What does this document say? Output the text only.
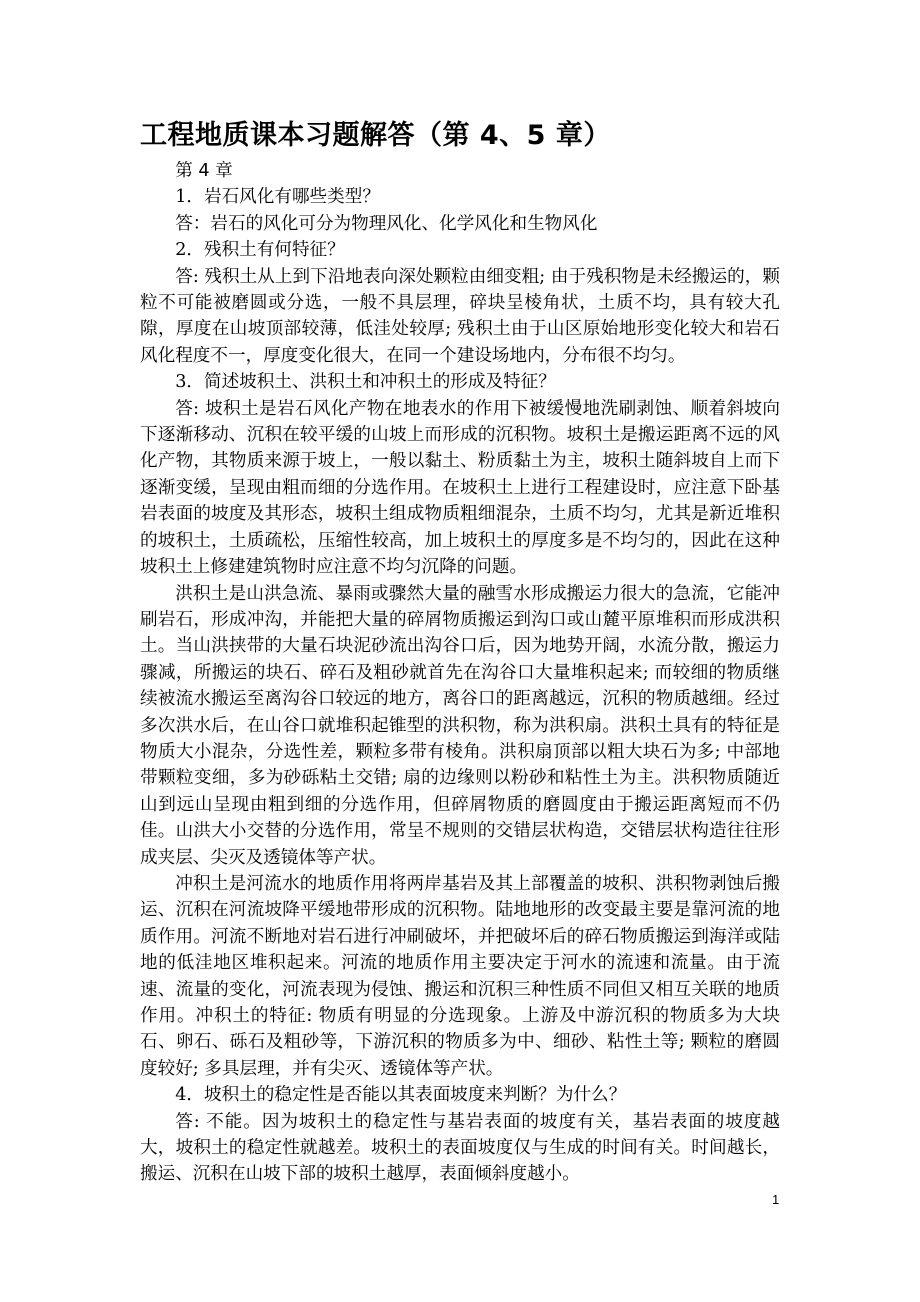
工程地质课本习题解答（第 4、5 章）

第 4 章

1．岩石风化有哪些类型？

答：岩石的风化可分为物理风化、化学风化和生物风化

2．残积土有何特征？

答: 残积土从上到下沿地表向深处颗粒由细变粗; 由于残积物是未经搬运的，颗粒不可能被磨圆或分选，一般不具层理，碎块呈棱角状，土质不均，具有较大孔隙，厚度在山坡顶部较薄，低洼处较厚; 残积土由于山区原始地形变化较大和岩石风化程度不一，厚度变化很大，在同一个建设场地内，分布很不均匀。

3．简述坡积土、洪积土和冲积土的形成及特征？

答: 坡积土是岩石风化产物在地表水的作用下被缓慢地洗刷剥蚀、顺着斜坡向下逐渐移动、沉积在较平缓的山坡上而形成的沉积物。坡积土是搬运距离不远的风化产物，其物质来源于坡上，一般以黏土、粉质黏土为主，坡积土随斜坡自上而下逐渐变缓，呈现由粗而细的分选作用。在坡积土上进行工程建设时，应注意下卧基岩表面的坡度及其形态，坡积土组成物质粗细混杂，土质不均匀，尤其是新近堆积的坡积土，土质疏松，压缩性较高，加上坡积土的厚度多是不均匀的，因此在这种坡积土上修建建筑物时应注意不均匀沉降的问题。

洪积土是山洪急流、暴雨或骤然大量的融雪水形成搬运力很大的急流，它能冲刷岩石，形成冲沟，并能把大量的碎屑物质搬运到沟口或山麓平原堆积而形成洪积土。当山洪挟带的大量石块泥砂流出沟谷口后，因为地势开阔，水流分散，搬运力骤减，所搬运的块石、碎石及粗砂就首先在沟谷口大量堆积起来; 而较细的物质继续被流水搬运至离沟谷口较远的地方，离谷口的距离越远，沉积的物质越细。经过多次洪水后，在山谷口就堆积起锥型的洪积物，称为洪积扇。洪积土具有的特征是物质大小混杂，分选性差，颗粒多带有棱角。洪积扇顶部以粗大块石为多; 中部地带颗粒变细，多为砂砾粘土交错; 扇的边缘则以粉砂和粘性土为主。洪积物质随近山到远山呈现由粗到细的分选作用，但碎屑物质的磨圆度由于搬运距离短而不仍佳。山洪大小交替的分选作用，常呈不规则的交错层状构造，交错层状构造往往形成夹层、尖灭及透镜体等产状。

冲积土是河流水的地质作用将两岸基岩及其上部覆盖的坡积、洪积物剥蚀后搬运、沉积在河流坡降平缓地带形成的沉积物。陆地地形的改变最主要是靠河流的地质作用。河流不断地对岩石进行冲刷破坏，并把破坏后的碎石物质搬运到海洋或陆地的低洼地区堆积起来。河流的地质作用主要决定于河水的流速和流量。由于流速、流量的变化，河流表现为侵蚀、搬运和沉积三种性质不同但又相互关联的地质作用。冲积土的特征: 物质有明显的分选现象。上游及中游沉积的物质多为大块石、卵石、砾石及粗砂等，下游沉积的物质多为中、细砂、粘性土等; 颗粒的磨圆度较好; 多具层理，并有尖灭、透镜体等产状。

4．坡积土的稳定性是否能以其表面坡度来判断？为什么？

答: 不能。因为坡积土的稳定性与基岩表面的坡度有关，基岩表面的坡度越大，坡积土的稳定性就越差。坡积土的表面坡度仅与生成的时间有关。时间越长，搬运、沉积在山坡下部的坡积土越厚，表面倾斜度越小。

1
